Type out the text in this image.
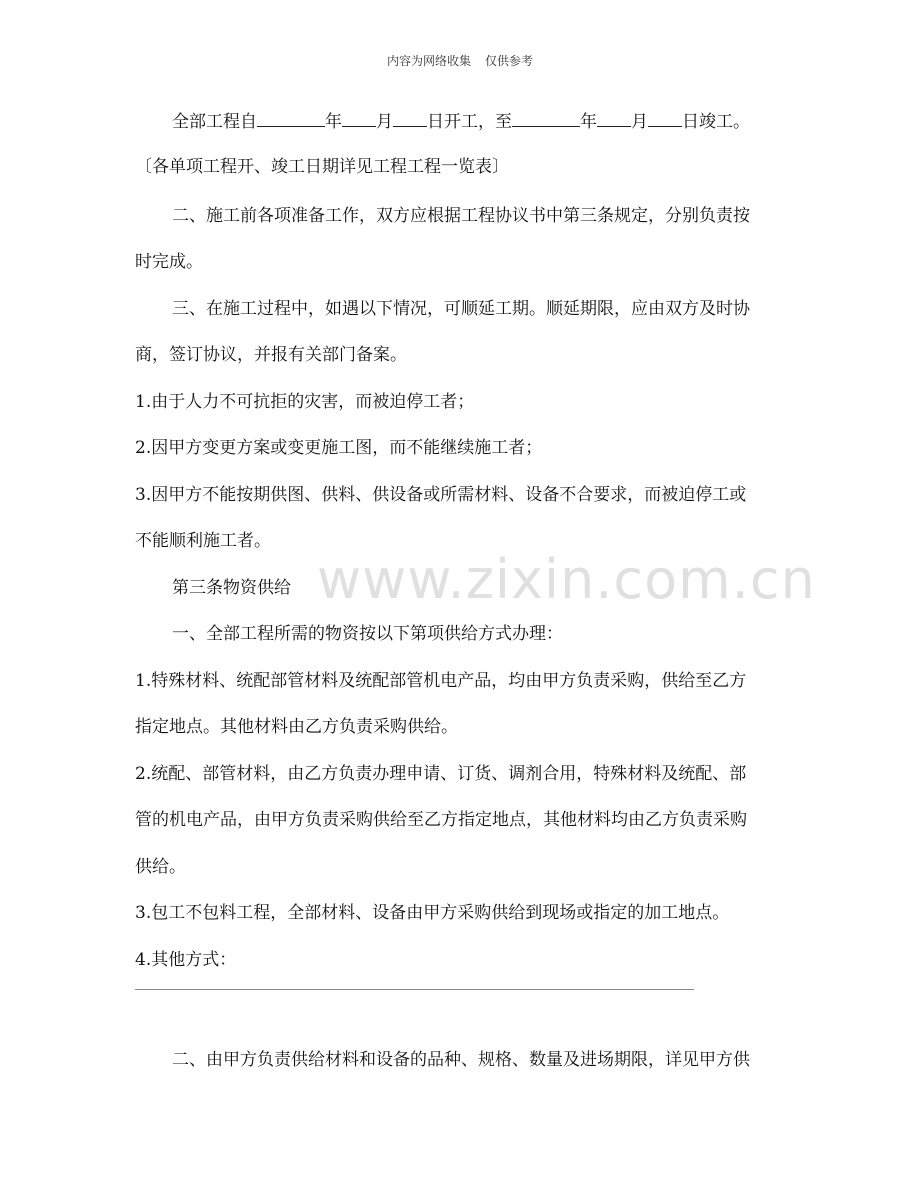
内容为网络收集 仅供参考
全部工程自	年 月 日开工，至	年 月 日竣工。
〔各单项工程开、竣工日期详见工程工程一览表〕
二、施工前各项准备工作，双方应根据工程协议书中第三条规定，分别负责按
时完成。
三、在施工过程中，如遇以下情况，可顺延工期。顺延期限，应由双方及时协
商，签订协议，并报有关部门备案。
1.由于人力不可抗拒的灾害，而被迫停工者；
2.因甲方变更方案或变更施工图，而不能继续施工者；
3.因甲方不能按期供图、供料、供设备或所需材料、设备不合要求，而被迫停工或
不能顺利施工者。
第三条物资供给
一、全部工程所需的物资按以下第项供给方式办理：
1.特殊材料、统配部管材料及统配部管机电产品，均由甲方负责采购，供给至乙方
指定地点。其他材料由乙方负责采购供给。
2.统配、部管材料，由乙方负责办理申请、订货、调剂合用，特殊材料及统配、部
管的机电产品，由甲方负责采购供给至乙方指定地点，其他材料均由乙方负责采购
供给。
3.包工不包料工程，全部材料、设备由甲方采购供给到现场或指定的加工地点。
4.其他方式：
二、由甲方负责供给材料和设备的品种、规格、数量及进场期限，详见甲方供
www.zixin.com.cn
